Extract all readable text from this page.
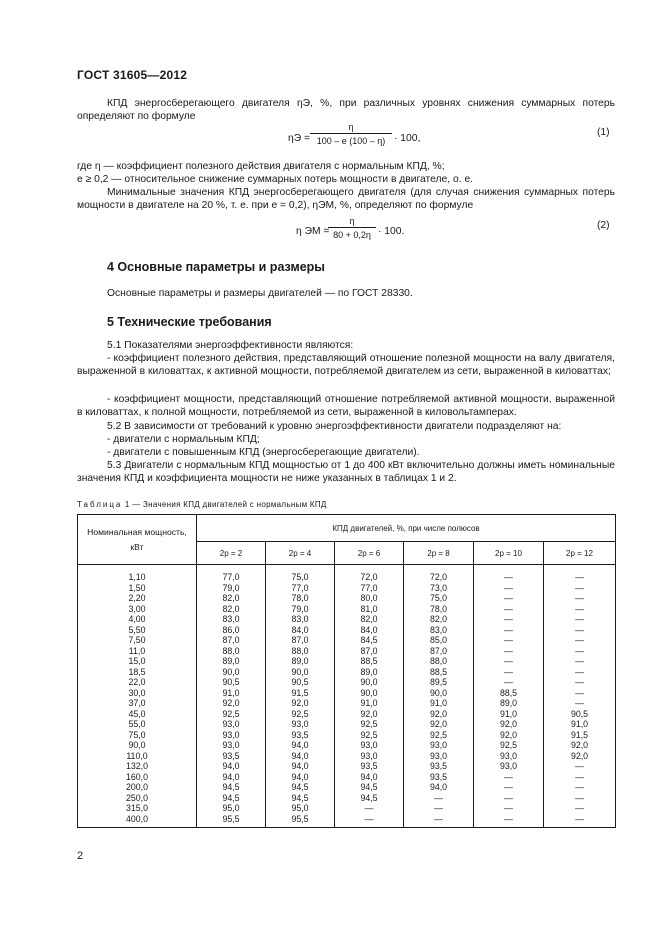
ГОСТ 31605—2012
КПД энергосберегающего двигателя ηЭ, %, при различных уровнях снижения суммарных потерь определяют по формуле
$\eta Э = \frac{\eta}{100 - e (100 - \eta)} \cdot 100$,
(1)
где η — коэффициент полезного действия двигателя с нормальным КПД, %;
e ≥ 0,2 — относительное снижение суммарных потерь мощности в двигателе, о. е.
Минимальные значения КПД энергосберегающего двигателя (для случая снижения суммарных потерь мощности в двигателе на 20 %, т. е. при e = 0,2), ηЭМ, %, определяют по формуле
η ЭМ =
$\frac{\eta}{80 + 0,2\eta} \cdot 100$.
(2)
4 Основные параметры и размеры
Основные параметры и размеры двигателей — по ГОСТ 28330.
5 Технические требования
5.1 Показателями энергоэффективности являются:
- коэффициент полезного действия, представляющий отношение полезной мощности на валу двигателя, выраженной в киловаттах, к активной мощности, потребляемой двигателем из сети, выраженной в киловаттах;
- коэффициент мощности, представляющий отношение потребляемой активной мощности, выраженной в киловаттах, к полной мощности, потребляемой из сети, выраженной в киловольтамперах.
5.2 В зависимости от требований к уровню энергоэффективности двигатели подразделяют на:
- двигатели с нормальным КПД;
- двигатели с повышенным КПД (энергосберегающие двигатели).
5.3 Двигатели с нормальным КПД мощностью от 1 до 400 кВт включительно должны иметь номинальные значения КПД и коэффициента мощности не ниже указанных в таблицах 1 и 2.
Таблица 1 — Значения КПД двигателей с нормальным КПД
Номинальная мощность,
кВт	КПД двигателей, %, при числе полюсов					
	2p = 2	2p = 4	2p = 6	2p = 8	2p = 10	2p = 12
1,10	77,0	75,0	72,0	72,0	—	—
1,50	79,0	77,0	77,0	73,0	—	—
2,20	82,0	78,0	80,0	75,0	—	—
3,00	82,0	79,0	81,0	78,0	—	—
4,00	83,0	83,0	82,0	82,0	—	—
5,50	86,0	84,0	84,0	83,0	—	—
7,50	87,0	87,0	84,5	85,0	—	—
11,0	88,0	88,0	87,0	87,0	—	—
15,0	89,0	89,0	88,5	88,0	—	—
18,5	90,0	90,0	89,0	88,5	—	—
22,0	90,5	90,5	90,0	89,5	—	—
30,0	91,0	91,5	90,0	90,0	88,5	—
37,0	92,0	92,0	91,0	91,0	89,0	—
45,0	92,5	92,5	92,0	92,0	91,0	90,5
55,0	93,0	93,0	92,5	92,0	92,0	91,0
75,0	93,0	93,5	92,5	92,5	92,0	91,5
90,0	93,0	94,0	93,0	93,0	92,5	92,0
110,0	93,5	94,0	93,0	93,0	93,0	92,0
132,0	94,0	94,0	93,5	93,5	93,0	—
160,0	94,0	94,0	94,0	93,5	—	—
200,0	94,5	94,5	94,5	94,0	—	—
250,0	94,5	94,5	94,5	—	—	—
315,0	95,0	95,0	—	—	—	—
400,0	95,5	95,5	—	—	—	—
2
